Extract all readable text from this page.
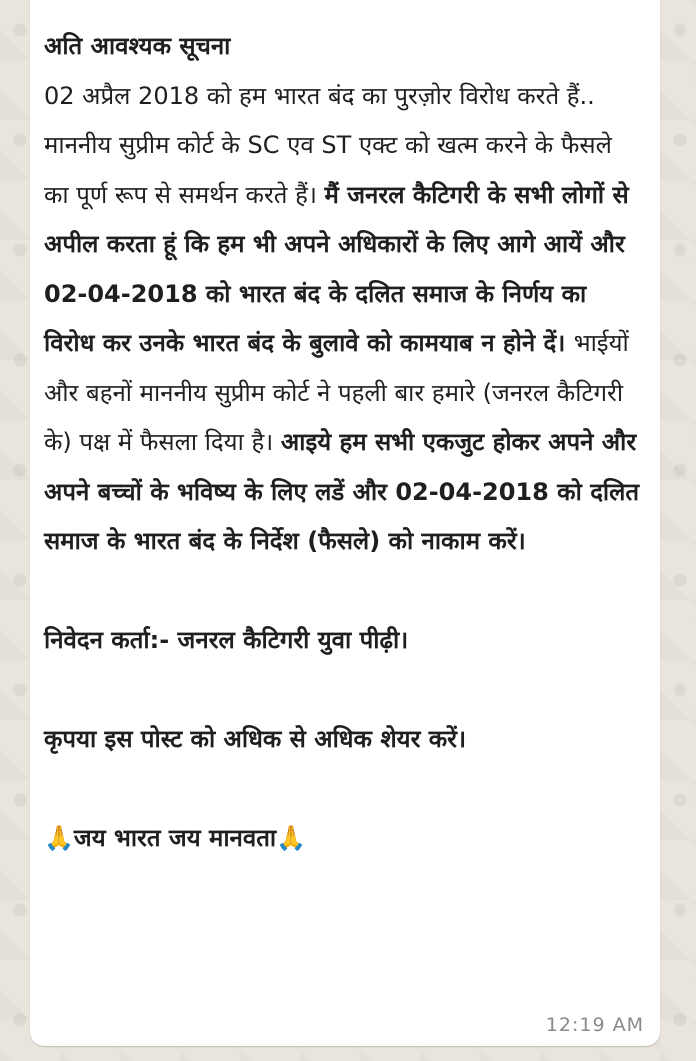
अति आवश्यक सूचना
02 अप्रैल 2018 को हम भारत बंद का पुरज़ोर विरोध करते हैं..
माननीय सुप्रीम कोर्ट के SC एव ST एक्ट को खत्म करने के फैसले का पूर्ण रूप से समर्थन करते हैं। मैं जनरल कैटिगरी के सभी लोगों से अपील करता हूं कि हम भी अपने अधिकारों के लिए आगे आयें और 02-04-2018 को भारत बंद के दलित समाज के निर्णय का विरोध कर उनके भारत बंद के बुलावे को कामयाब न होने दें। भाईयों और बहनों माननीय सुप्रीम कोर्ट ने पहली बार हमारे (जनरल कैटिगरी के) पक्ष में फैसला दिया है। आइये हम सभी एकजुट होकर अपने और अपने बच्चों के भविष्य के लिए लडें और 02-04-2018 को दलित समाज के भारत बंद के निर्देश (फैसले) को नाकाम करें।
निवेदन कर्ता:- जनरल कैटिगरी युवा पीढ़ी।
कृपया इस पोस्ट को अधिक से अधिक शेयर करें।
🙏जय भारत जय मानवता🙏
12:19 AM
